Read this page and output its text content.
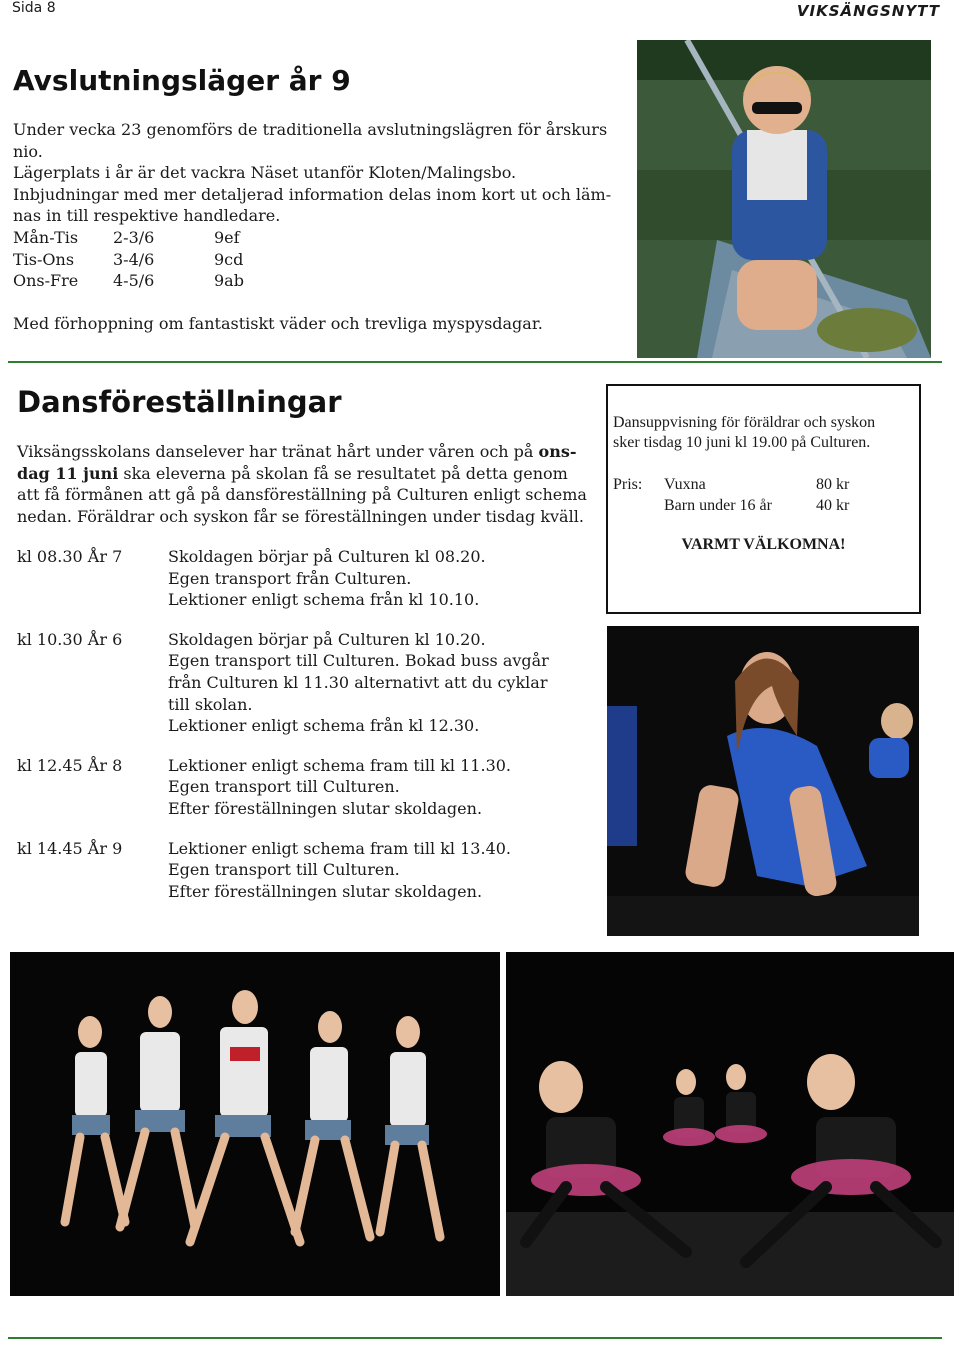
Sida 8	VIKSÄNGSNYTT
Avslutningsläger år 9
Under vecka 23 genomförs de traditionella avslutningslägren för årskurs
nio.
Lägerplats i år är det vackra Näset utanför Kloten/Malingsbo.
Inbjudningar med mer detaljerad information delas inom kort ut och läm-
nas in till respektive handledare.
Mån-Tis	2-3/6	9ef
Tis-Ons	3-4/6	9cd
Ons-Fre	4-5/6	9ab
Med förhoppning om fantastiskt väder och trevliga myspysdagar.
Dansföreställningar
Viksängsskolans danselever har tränat hårt under våren och på ons-
dag 11 juni ska eleverna på skolan få se resultatet på detta genom
att få förmånen att gå på dansföreställning på Culturen enligt schema
nedan. Föräldrar och syskon får se föreställningen under tisdag kväll.
kl 08.30 År 7	Skoldagen börjar på Culturen kl 08.20.
Egen transport från Culturen.
Lektioner enligt schema från kl 10.10.
kl 10.30 År 6	Skoldagen börjar på Culturen kl 10.20.
Egen transport till Culturen. Bokad buss avgår
från Culturen kl 11.30 alternativt att du cyklar
till skolan.
Lektioner enligt schema från kl 12.30.
kl 12.45 År 8	Lektioner enligt schema fram till kl 11.30.
Egen transport till Culturen.
Efter föreställningen slutar skoldagen.
kl 14.45 År 9	Lektioner enligt schema fram till kl 13.40.
Egen transport till Culturen.
Efter föreställningen slutar skoldagen.
Dansuppvisning för föräldrar och syskon
sker tisdag 10 juni kl 19.00 på Culturen.
Pris:	Vuxna	80 kr
Barn under 16 år	40 kr
VARMT VÄLKOMNA!
